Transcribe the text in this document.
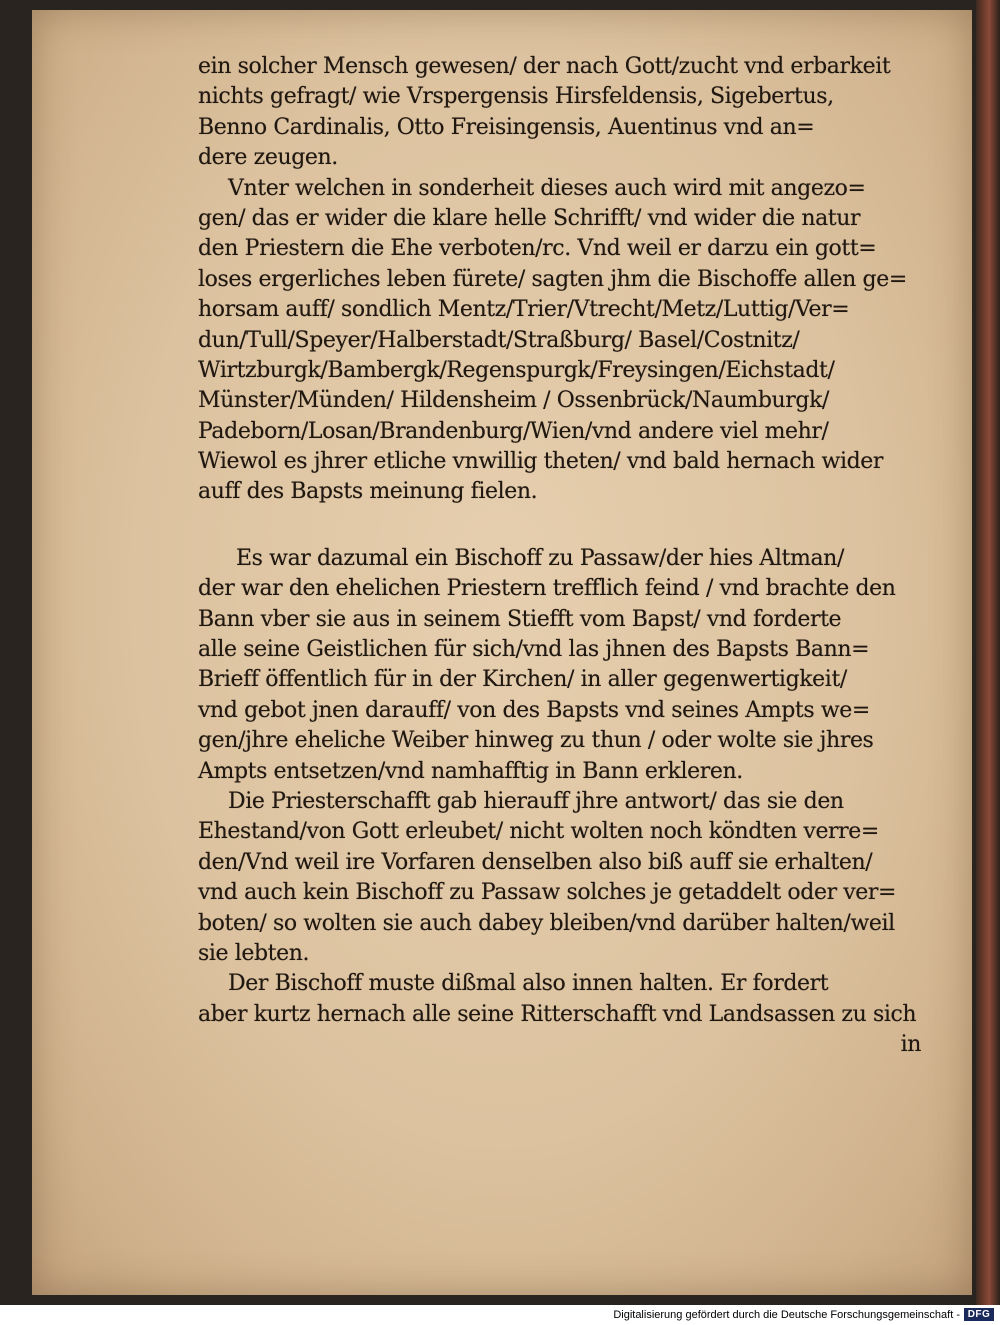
ein solcher Mensch gewesen/ der nach Gott/zucht vnd erbarkeit
nichts gefragt/ wie Vrspergensis Hirsfeldensis, Sigebertus,
Benno Cardinalis, Otto Freisingensis, Auentinus vnd an=
dere zeugen.
Vnter welchen in sonderheit dieses auch wird mit angezo=
gen/ das er wider die klare helle Schrifft/ vnd wider die natur
den Priestern die Ehe verboten/rc. Vnd weil er darzu ein gott=
loses ergerliches leben fürete/ sagten jhm die Bischoffe allen ge=
horsam auff/ sondlich Mentz/Trier/Vtrecht/Metz/Luttig/Ver=
dun/Tull/Speyer/Halberstadt/Straßburg/ Basel/Costnitz/
Wirtzburgk/Bambergk/Regenspurgk/Freysingen/Eichstadt/
Münster/Münden/ Hildensheim / Ossenbrück/Naumburgk/
Padeborn/Losan/Brandenburg/Wien/vnd andere viel mehr/
Wiewol es jhrer etliche vnwillig theten/ vnd bald hernach wider
auff des Bapsts meinung fielen.
Es war dazumal ein Bischoff zu Passaw/der hies Altman/
der war den ehelichen Priestern trefflich feind / vnd brachte den
Bann vber sie aus in seinem Stiefft vom Bapst/ vnd forderte
alle seine Geistlichen für sich/vnd las jhnen des Bapsts Bann=
Brieff öffentlich für in der Kirchen/ in aller gegenwertigkeit/
vnd gebot jnen darauff/ von des Bapsts vnd seines Ampts we=
gen/jhre eheliche Weiber hinweg zu thun / oder wolte sie jhres
Ampts entsetzen/vnd namhafftig in Bann erkleren.
Die Priesterschafft gab hierauff jhre antwort/ das sie den
Ehestand/von Gott erleubet/ nicht wolten noch köndten verre=
den/Vnd weil ire Vorfaren denselben also biß auff sie erhalten/
vnd auch kein Bischoff zu Passaw solches je getaddelt oder ver=
boten/ so wolten sie auch dabey bleiben/vnd darüber halten/weil
sie lebten.
Der Bischoff muste dißmal also innen halten. Er fordert
aber kurtz hernach alle seine Ritterschafft vnd Landsassen zu sich
in
Digitalisierung gefördert durch die Deutsche Forschungsgemeinschaft - DFG
